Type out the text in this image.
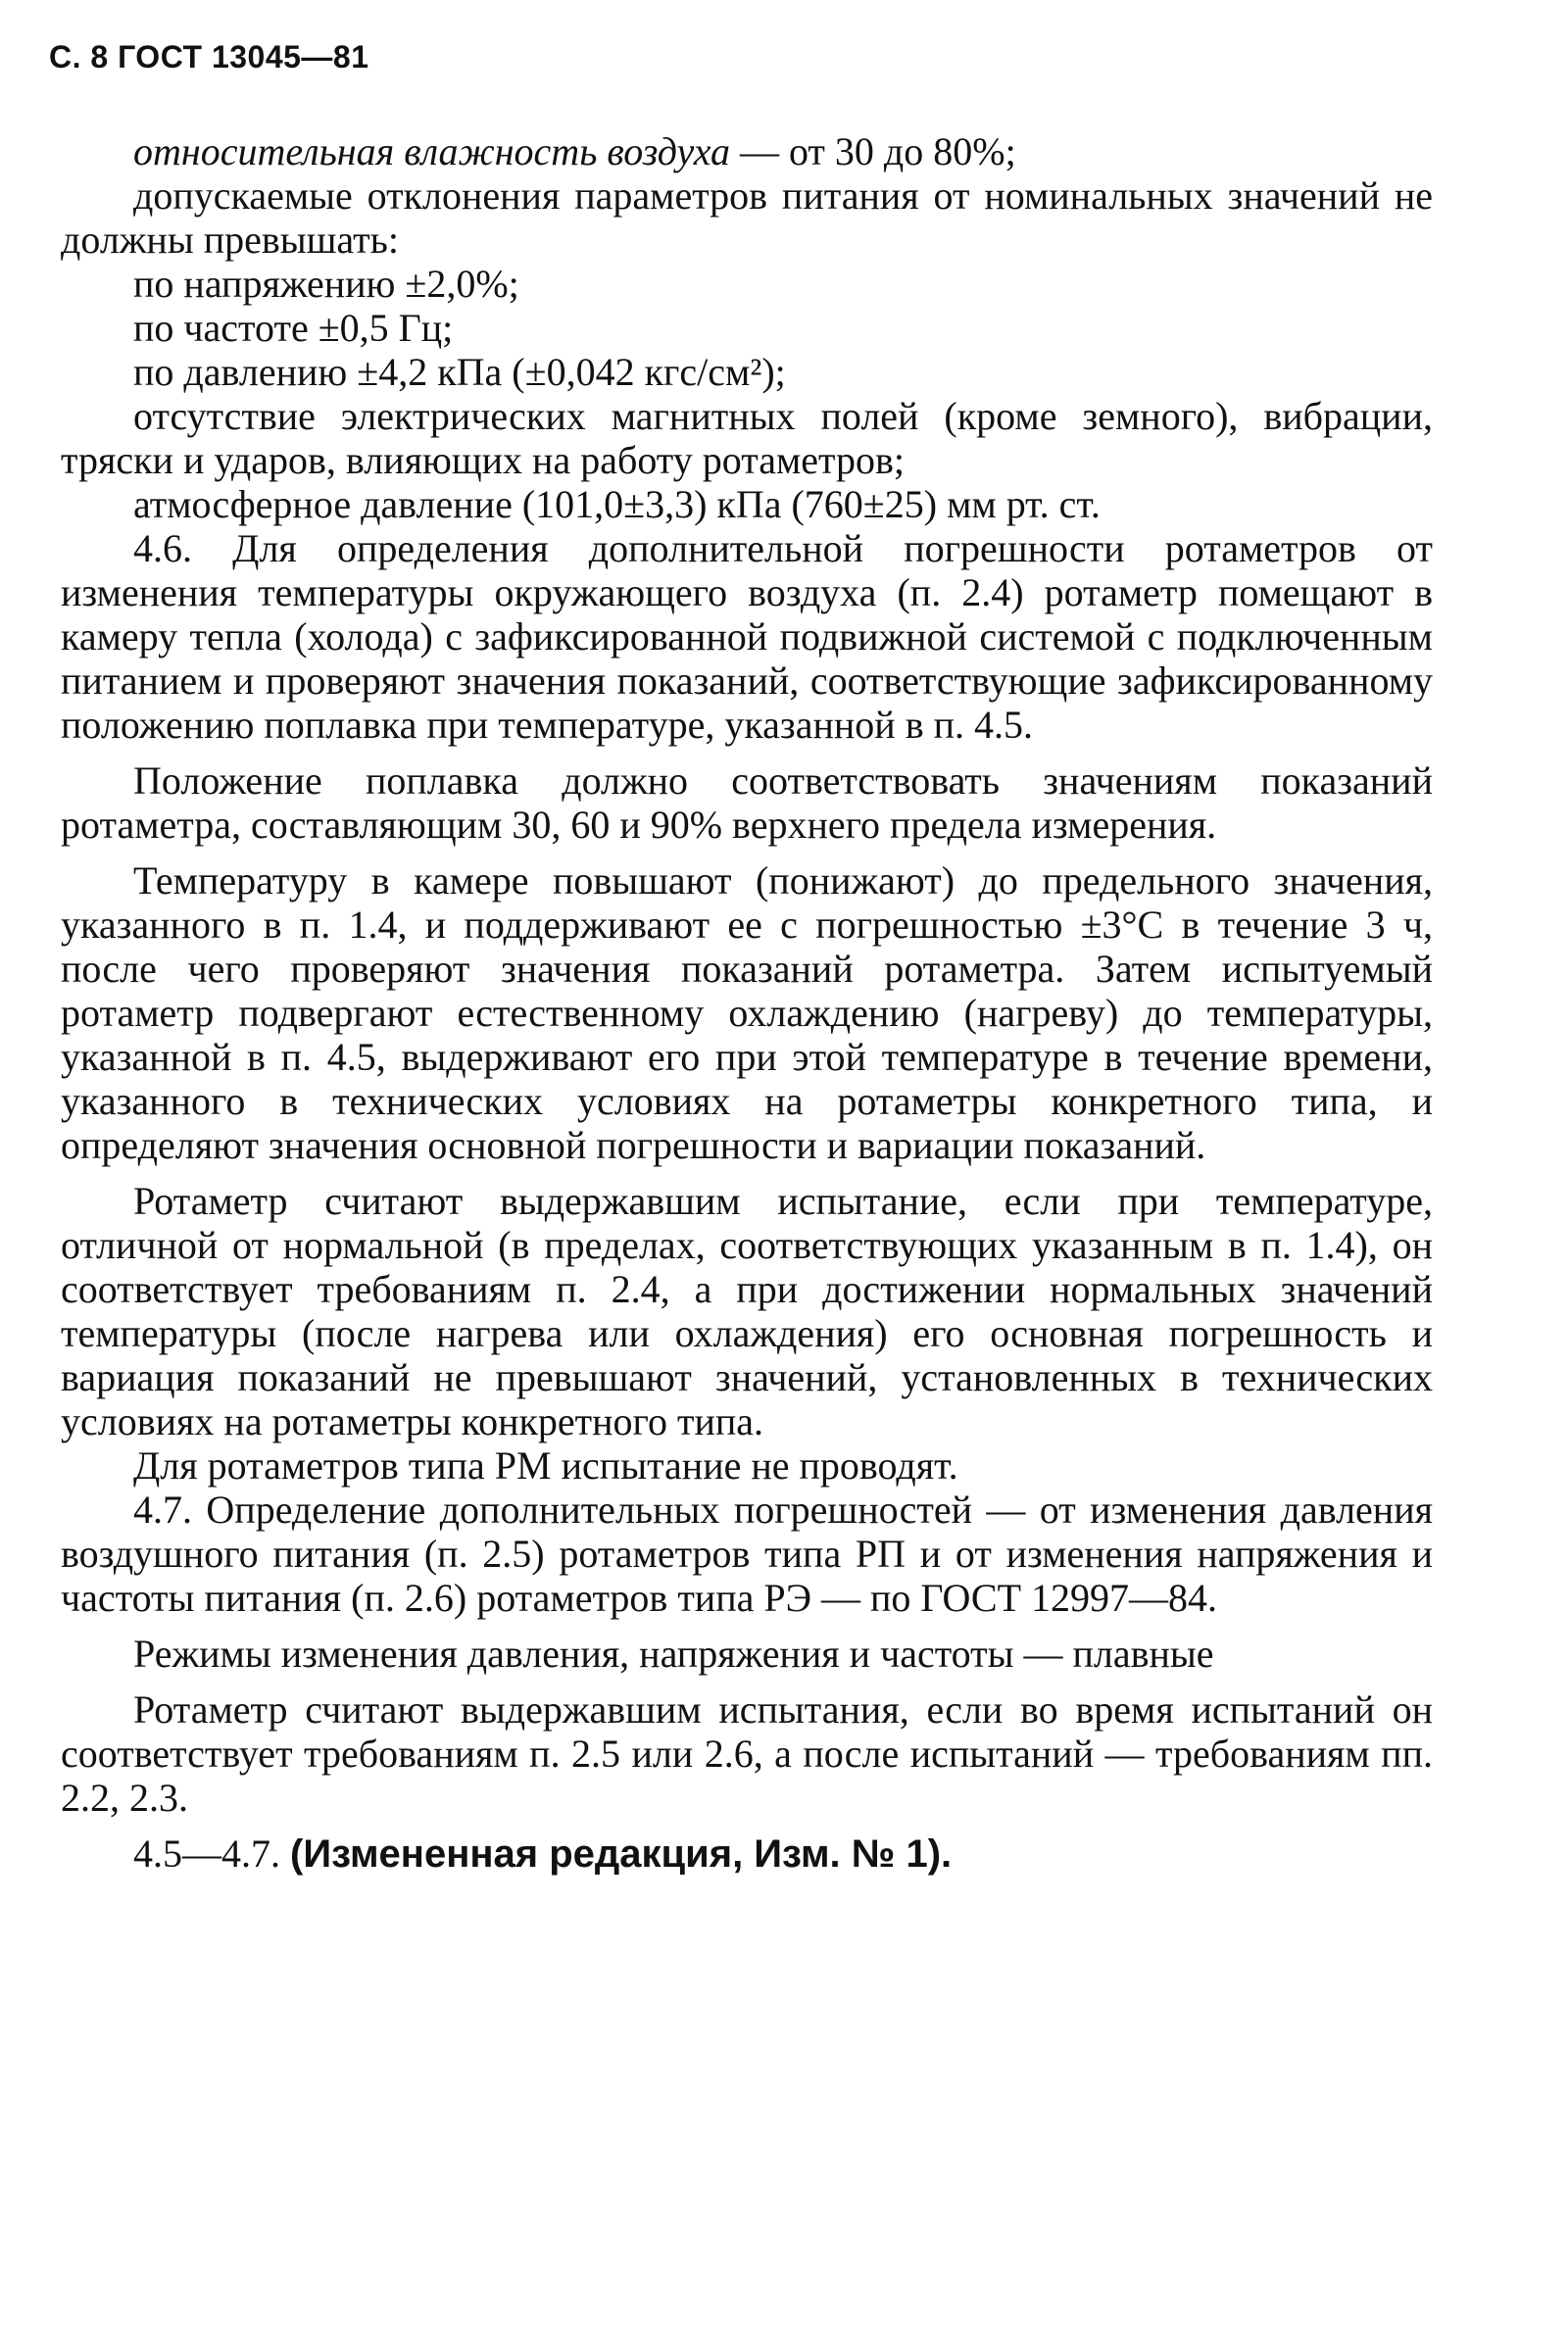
С. 8 ГОСТ 13045—81

относительная влажность воздуха — от 30 до 80%;

допускаемые отклонения параметров питания от номинальных значений не должны превышать:

по напряжению ±2,0%;

по частоте ±0,5 Гц;

по давлению ±4,2 кПа (±0,042 кгс/см²);

отсутствие электрических магнитных полей (кроме земного), вибрации, тряски и ударов, влияющих на работу ротаметров;

атмосферное давление (101,0±3,3) кПа (760±25) мм рт. ст.

4.6. Для определения дополнительной погрешности ротаметров от изменения температуры окружающего воздуха (п. 2.4) ротаметр помещают в камеру тепла (холода) с зафиксированной подвижной системой с подключенным питанием и проверяют значения показаний, соответствующие зафиксированному положению поплавка при температуре, указанной в п. 4.5.

Положение поплавка должно соответствовать значениям показаний ротаметра, составляющим 30, 60 и 90% верхнего предела измерения.

Температуру в камере повышают (понижают) до предельного значения, указанного в п. 1.4, и поддерживают ее с погрешностью ±3°С в течение 3 ч, после чего проверяют значения показаний ротаметра. Затем испытуемый ротаметр подвергают естественному охлаждению (нагреву) до температуры, указанной в п. 4.5, выдерживают его при этой температуре в течение времени, указанного в технических условиях на ротаметры конкретного типа, и определяют значения основной погрешности и вариации показаний.

Ротаметр считают выдержавшим испытание, если при температуре, отличной от нормальной (в пределах, соответствующих указанным в п. 1.4), он соответствует требованиям п. 2.4, а при достижении нормальных значений температуры (после нагрева или охлаждения) его основная погрешность и вариация показаний не превышают значений, установленных в технических условиях на ротаметры конкретного типа.

Для ротаметров типа РМ испытание не проводят.

4.7. Определение дополнительных погрешностей — от изменения давления воздушного питания (п. 2.5) ротаметров типа РП и от изменения напряжения и частоты питания (п. 2.6) ротаметров типа РЭ — по ГОСТ 12997—84.

Режимы изменения давления, напряжения и частоты — плавные

Ротаметр считают выдержавшим испытания, если во время испытаний он соответствует требованиям п. 2.5 или 2.6, а после испытаний — требованиям пп. 2.2, 2.3.

4.5—4.7. (Измененная редакция, Изм. № 1).
